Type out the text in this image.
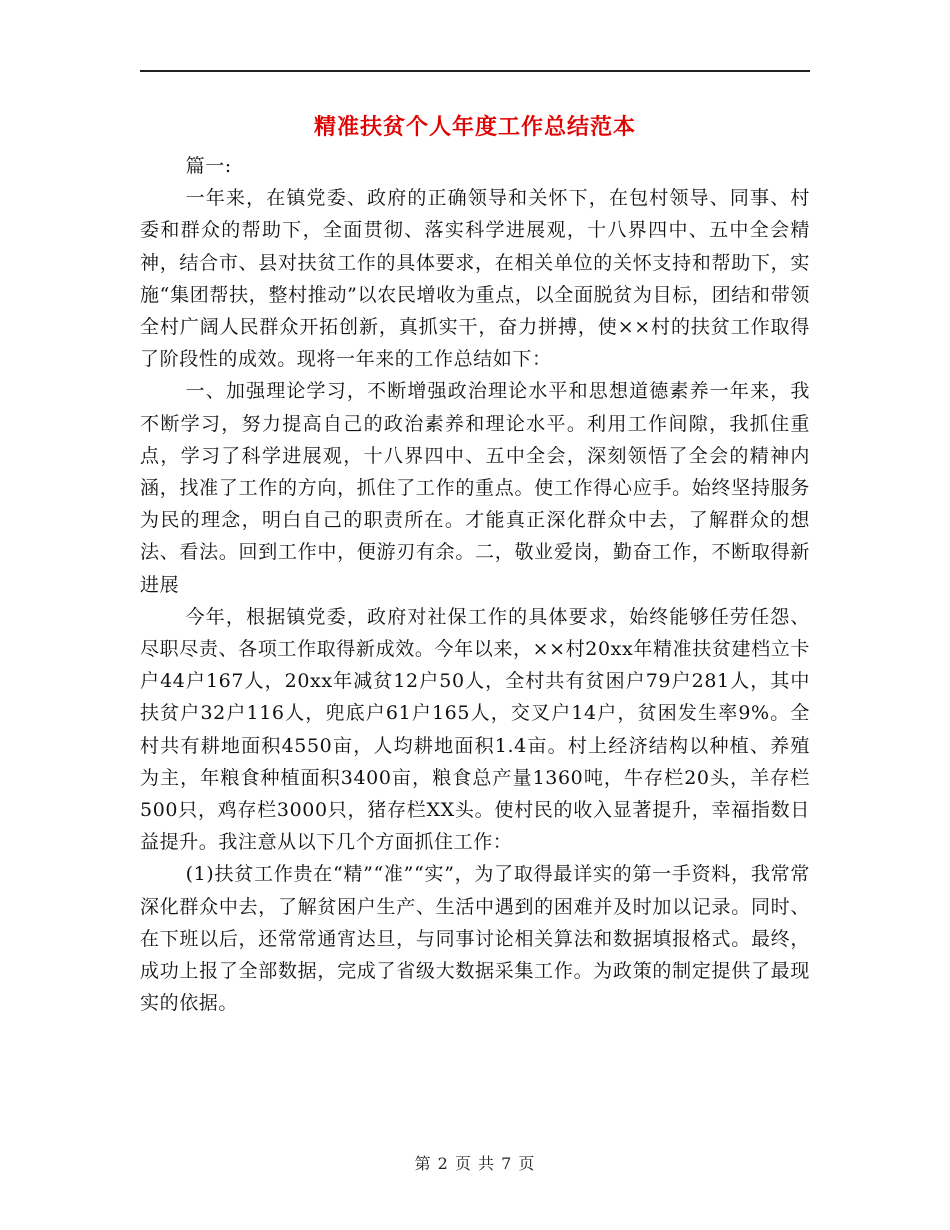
精准扶贫个人年度工作总结范本

篇一:

一年来，在镇党委、政府的正确领导和关怀下，在包村领导、同事、村委和群众的帮助下，全面贯彻、落实科学进展观，十八界四中、五中全会精神，结合市、县对扶贫工作的具体要求，在相关单位的关怀支持和帮助下，实施“集团帮扶，整村推动”以农民增收为重点，以全面脱贫为目标，团结和带领全村广阔人民群众开拓创新，真抓实干，奋力拼搏，使××村的扶贫工作取得了阶段性的成效。现将一年来的工作总结如下：

一、加强理论学习，不断增强政治理论水平和思想道德素养一年来，我不断学习，努力提高自己的政治素养和理论水平。利用工作间隙，我抓住重点，学习了科学进展观，十八界四中、五中全会，深刻领悟了全会的精神内涵，找准了工作的方向，抓住了工作的重点。使工作得心应手。始终坚持服务为民的理念，明白自己的职责所在。才能真正深化群众中去，了解群众的想法、看法。回到工作中，便游刃有余。二，敬业爱岗，勤奋工作，不断取得新进展

今年，根据镇党委，政府对社保工作的具体要求，始终能够任劳任怨、尽职尽责、各项工作取得新成效。今年以来，××村20xx年精准扶贫建档立卡户44户167人，20xx年减贫12户50人，全村共有贫困户79户281人，其中扶贫户32户116人，兜底户61户165人，交叉户14户，贫困发生率9%。全村共有耕地面积4550亩，人均耕地面积1.4亩。村上经济结构以种植、养殖为主，年粮食种植面积3400亩，粮食总产量1360吨，牛存栏20头，羊存栏500只，鸡存栏3000只，猪存栏XX头。使村民的收入显著提升，幸福指数日益提升。我注意从以下几个方面抓住工作：

(1)扶贫工作贵在“精”“准”“实”，为了取得最详实的第一手资料，我常常深化群众中去，了解贫困户生产、生活中遇到的困难并及时加以记录。同时、在下班以后，还常常通宵达旦，与同事讨论相关算法和数据填报格式。最终，成功上报了全部数据，完成了省级大数据采集工作。为政策的制定提供了最现实的依据。

第 2 页 共 7 页
